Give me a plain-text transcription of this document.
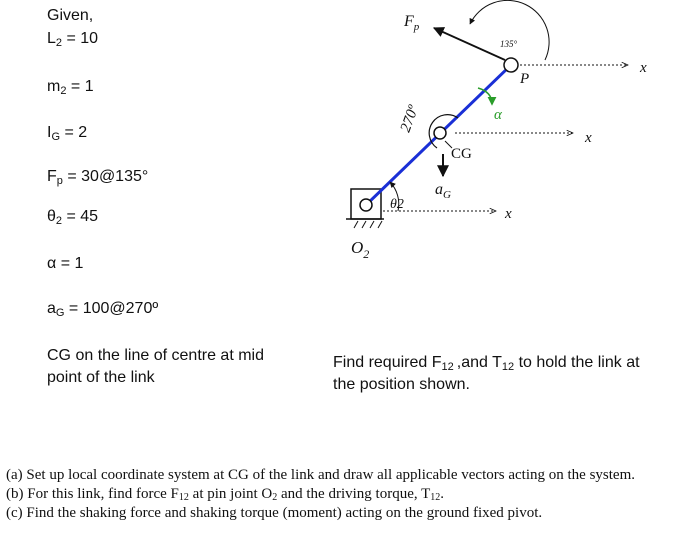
Given,
$L_2 = 10$
$m_2 = 1$
$I_G = 2$
$F_p$ = 30@135°
$\theta_2 = 45$
α = 1
$a_G$ = 100@270º
CG on the line of centre at mid point of the link
Find required $F_{12}$ ,and $T_{12}$ to hold the link at the position shown.
$F_p$
135°
x
P
α
270º
x
CG
$a_G$
θ2
x
$O_2$

(a) Set up local coordinate system at CG of the link and draw all applicable vectors acting on the system.

(b) For this link, find force $F_{12}$ at pin joint $O_2$ and the driving torque, $T_{12}$.

(c) Find the shaking force and shaking torque (moment) acting on the ground fixed pivot.
